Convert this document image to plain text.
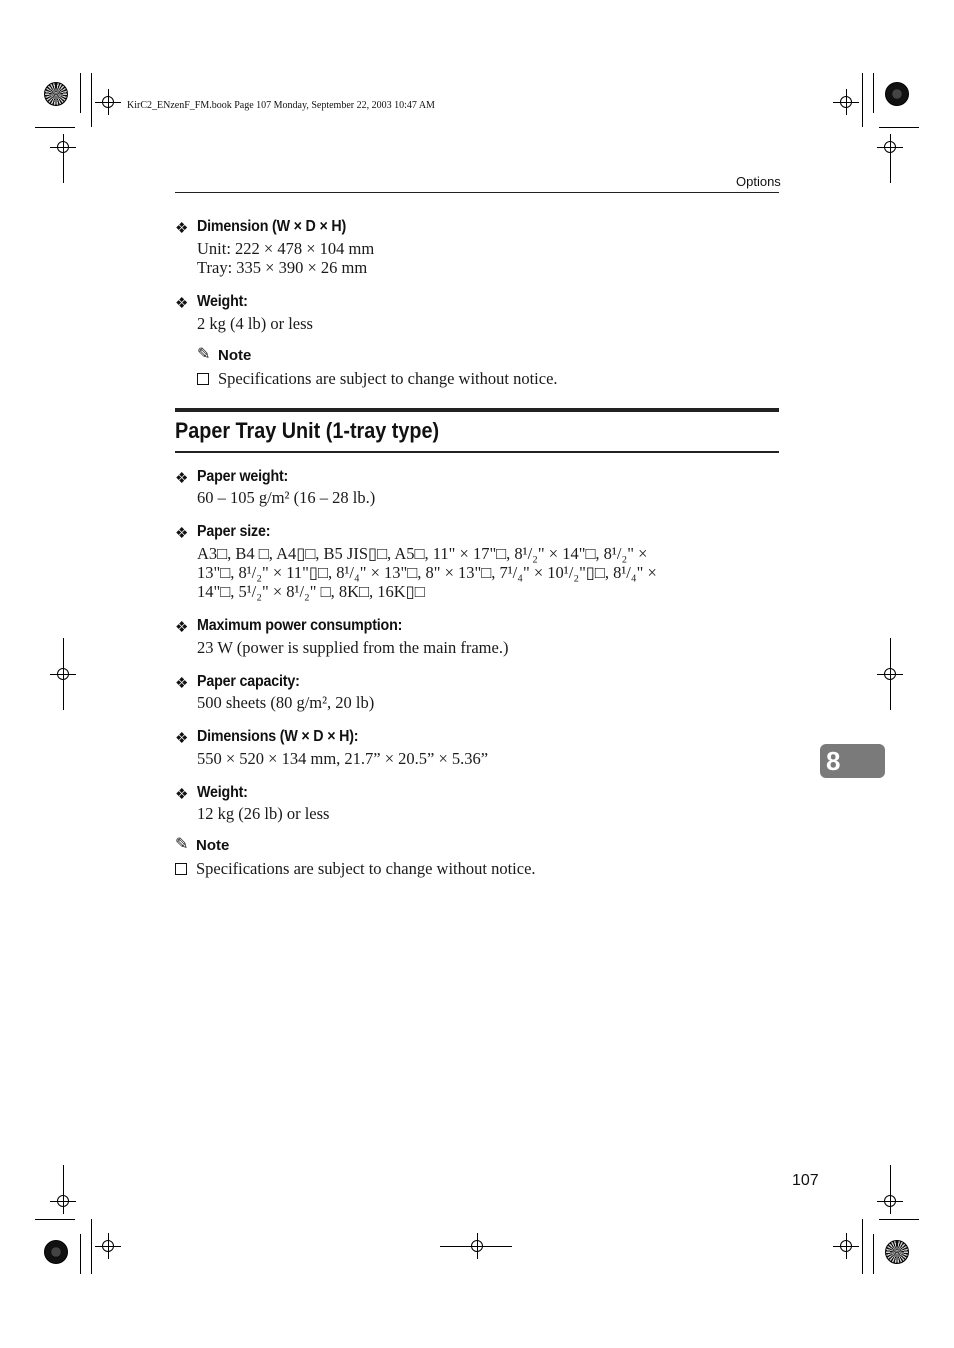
KirC2_ENzenF_FM.book Page 107 Monday, September 22, 2003 10:47 AM
Options
❖ Dimension (W × D × H)
Unit: 222 × 478 × 104 mm
Tray: 335 × 390 × 26 mm
❖ Weight:
2 kg (4 lb) or less
✎ Note
Specifications are subject to change without notice.
Paper Tray Unit (1-tray type)
❖ Paper weight:
60 – 105 g/m² (16 – 28 lb.)
❖ Paper size:
A3□, B4 □, A4▯□, B5 JIS▯□, A5□, 11" × 17"□, 8¹/₂" × 14"□, 8¹/₂" ×
13"□, 8¹/₂" × 11"▯□, 8¹/₄" × 13"□, 8" × 13"□, 7¹/₄" × 10¹/₂"▯□, 8¹/₄" ×
14"□, 5¹/₂" × 8¹/₂" □, 8K□, 16K▯□
❖ Maximum power consumption:
23 W (power is supplied from the main frame.)
❖ Paper capacity:
500 sheets (80 g/m², 20 lb)
❖ Dimensions (W × D × H):
550 × 520 × 134 mm, 21.7” × 20.5” × 5.36”
❖ Weight:
12 kg (26 lb) or less
✎ Note
Specifications are subject to change without notice.
8
107
